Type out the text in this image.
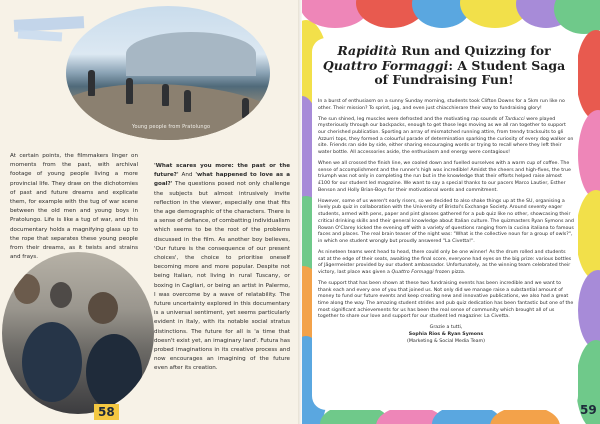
Young people from Pratolungo
At certain points, the filmmakers linger on moments from the past, with archival footage of young people living a more provincial life. They draw on the dichotomies of past and future dreams and explicate them, for example with the tug of war scene between the old men and young boys in Pratolungo. Life is like a tug of war, and this documentary holds a magnifying glass up to the rope that separates these young people from their dreams, as it twists and strains and frays.
'What scares you more: the past or the future?' And 'what happened to love as a goal?' The questions posed not only challenge the subjects but almost intrusively invite reflection in the viewer, especially one that fits the age demographic of the characters. There is a sense of defiance, of combatting individualism which seems to be the root of the problems discussed in the film. As another boy believes, 'Our future is the consequence of our present choices', the choice to prioritise oneself becoming more and more popular. Despite not being Italian, not living in rural Tuscany, or boxing in Cagliari, or being an artist in Palermo, I was overcome by a wave of relatability. The future uncertainty explored in this documentary is a universal sentiment, yet seems particularly evident in Italy, with its notable social stratus distinctions. The future for all is 'a time that doesn't exist yet, an imaginary land'. Futura has probed imaginations in its creative process and now encourages an imagining of the future even after its creation.
58
Rapidità Run and Quizzing for Quattro Formaggi: A Student Saga of Fundraising Fun!

In a burst of enthusiasm on a sunny Sunday morning, students took Clifton Downs for a 5km run like no other. Their mission? To sprint, jog, and even just chiacchierare their way to fundraising glory!

The sun shined, leg muscles were defrosted and the motivating rap sounds of Tarducci were played mysteriously through our backpacks, enough to get those legs moving as we all ran together to support our cherished publication. Sporting an array of mismatched running attire, from trendy tracksuits to gli Azzurri tops, they formed a colourful parade of determination sparking the curiosity of every dog walker on site. Friends ran side by side, either sharing encouraging words or trying to recall where they left their water bottle. All accessories aside, the enthusiasm and energy were contagious!

When we all crossed the finish line, we cooled down and fuelled ourselves with a warm cup of coffee. The sense of accomplishment and the runner's high was incredible! Amidst the cheers and high-fives, the true triumph was not only in completing the run but in the knowledge that their efforts helped raise almost £100 for our student led magazine. We want to say a special thanks to our pacers Marco Lautier, Esther Benson and Holly Brian-Boys for their motivational words and commitment.

However, some of us weren't early risers, so we decided to also shake things up at the SU, organising a lively pub quiz in collaboration with the University of Bristol's Exchange Society. Around seventy eager students, armed with pens, paper and pint glasses gathered for a pub quiz like no other, showcasing their critical drinking skills and their general knowledge about Italian culture. The quizmasters Ryan Symons and Rowan O'Clarey kicked the evening off with a variety of questions ranging from la cucina italiana to famous faces and places. The real brain teaser of the night was: "What is the collective noun for a group of owls?", in which one student wrongly but proudly answered "La Civetta!".

As nineteen teams went head to head, there could only be one winner! As the drum rolled and students sat at the edge of their seats, awaiting the final score, everyone had eyes on the big prize: various bottles of Jägermeister provided by our student ambassador. Unfortunately, as the winning team celebrated their victory, last place was given a Quattro Formaggi frozen pizza.

The support that has been shown at these two fundraising events has been incredible and we want to thank each and every one of you that joined us. Not only did we manage raise a substantial amount of money to fund our future events and keep creating new and innovative publications, we also had a great time along the way. The amazing student strides and pub quiz dedication has been fantastic but one of the most significant achievements for us has been the real sense of community which brought all of us together to share our love and support for our student led magazine: La Civetta.

Grazie a tutti,
Sophia Rios & Ryan Symons
(Marketing & Social Media Team)
59
